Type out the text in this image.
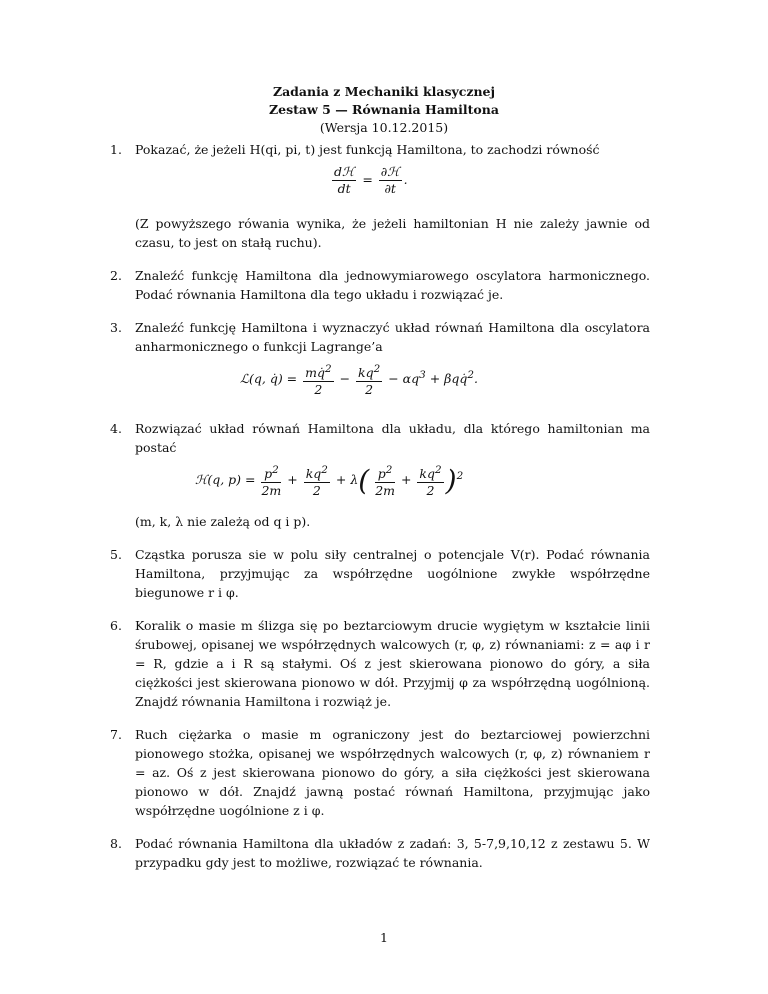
Zadania z Mechaniki klasycznej
Zestaw 5 — Równania Hamiltona
(Wersja 10.12.2015)
1. Pokazać, że jeżeli H(qi, pi, t) jest funkcją Hamiltona, to zachodzi równość
$\frac{\text{dℋ}}{dt} = \frac{\text{∂ℋ}}{\partial t}$ .
(Z powyższego rówania wynika, że jeżeli hamiltonian H nie zależy jawnie od czasu, to jest on stałą ruchu).
2. Znaleźć funkcję Hamiltona dla jednowymiarowego oscylatora harmonicznego. Podać równania Hamiltona dla tego układu i rozwiązać je.
3. Znaleźć funkcję Hamiltona i wyznaczyć układ równań Hamiltona dla oscylatora anharmonicznego o funkcji Lagrange’a
ℒ(q, q̇) = $\frac{mq̇^2}{2} - \frac{kq^2}{2} - \alpha q^3$ + βqq̇$^2$.
4. Rozwiązać układ równań Hamiltona dla układu, dla którego hamiltonian ma postać
ℋ(q, $p) = \frac{p^2}{2m} + \frac{kq^2}{2} + \lambda( \frac{p^2}{2m} + \frac{kq^2}{2} )^2$
(m, k, λ nie zależą od q i p).
5. Cząstka porusza sie w polu siły centralnej o potencjale V(r). Podać równania Hamiltona, przyjmując za współrzędne uogólnione zwykłe współrzędne biegunowe r i φ.
6. Koralik o masie m ślizga się po beztarciowym drucie wygiętym w kształcie linii śrubowej, opisanej we współrzędnych walcowych (r, φ, z) równaniami: z = aφ i r = R, gdzie a i R są stałymi. Oś z jest skierowana pionowo do góry, a siła ciężkości jest skierowana pionowo w dół. Przyjmij φ za współrzędną uogólnioną. Znajdź równania Hamiltona i rozwiąż je.
7. Ruch ciężarka o masie m ograniczony jest do beztarciowej powierzchni pionowego stożka, opisanej we współrzędnych walcowych (r, φ, z) równaniem r = az. Oś z jest skierowana pionowo do góry, a siła ciężkości jest skierowana pionowo w dół. Znajdź jawną postać równań Hamiltona, przyjmując jako współrzędne uogólnione z i φ.
8. Podać równania Hamiltona dla układów z zadań: 3, 5-7,9,10,12 z zestawu 5. W przypadku gdy jest to możliwe, rozwiązać te równania.
1
